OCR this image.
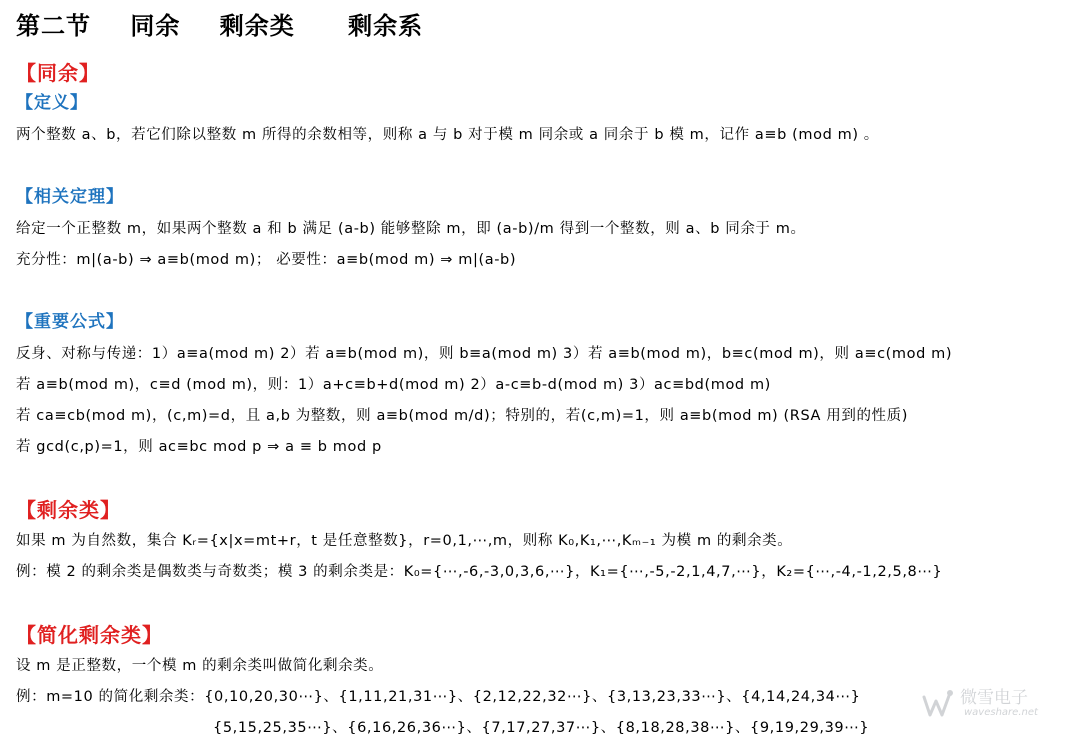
第二节 同余 剩余类 剩余系
【同余】
【定义】
两个整数 a、b，若它们除以整数 m 所得的余数相等，则称 a 与 b 对于模 m 同余或 a 同余于 b 模 m，记作 a≡b (mod m) 。
【相关定理】
给定一个正整数 m，如果两个整数 a 和 b 满足 (a-b) 能够整除 m，即 (a-b)/m 得到一个整数，则 a、b 同余于 m。
充分性：m|(a-b) ⇒ a≡b(mod m)； 必要性：a≡b(mod m) ⇒ m|(a-b)
【重要公式】
反身、对称与传递：1）a≡a(mod m) 2）若 a≡b(mod m)，则 b≡a(mod m) 3）若 a≡b(mod m)，b≡c(mod m)，则 a≡c(mod m)
若 a≡b(mod m)，c≡d (mod m)，则：1）a+c≡b+d(mod m) 2）a-c≡b-d(mod m) 3）ac≡bd(mod m)
若 ca≡cb(mod m)，(c,m)=d，且 a,b 为整数，则 a≡b(mod m/d)；特别的，若(c,m)=1，则 a≡b(mod m) (RSA 用到的性质)
若 gcd(c,p)=1，则 ac≡bc mod p ⇒ a ≡ b mod p
【剩余类】
如果 m 为自然数，集合 Kᵣ={x|x=mt+r，t 是任意整数}，r=0,1,⋯,m，则称 K₀,K₁,⋯,Kₘ₋₁ 为模 m 的剩余类。
例：模 2 的剩余类是偶数类与奇数类；模 3 的剩余类是：K₀={⋯,-6,-3,0,3,6,⋯}，K₁={⋯,-5,-2,1,4,7,⋯}，K₂={⋯,-4,-1,2,5,8⋯}
【简化剩余类】
设 m 是正整数，一个模 m 的剩余类叫做简化剩余类。
例：m=10 的简化剩余类：{0,10,20,30⋯}、{1,11,21,31⋯}、{2,12,22,32⋯}、{3,13,23,33⋯}、{4,14,24,34⋯}
{5,15,25,35⋯}、{6,16,26,36⋯}、{7,17,27,37⋯}、{8,18,28,38⋯}、{9,19,29,39⋯}
微雪电子
waveshare.net
